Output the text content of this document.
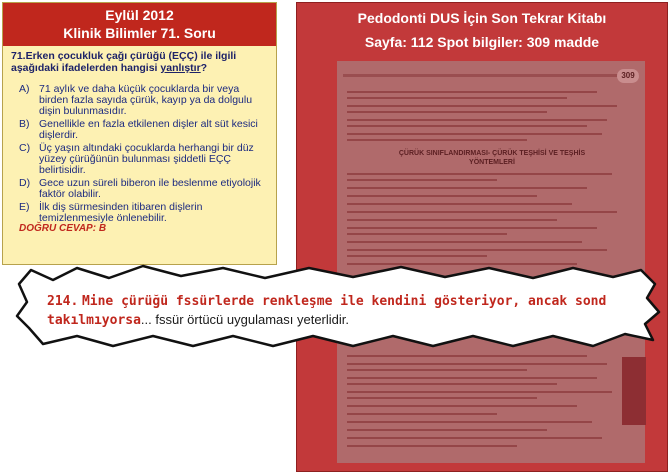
Eylül 2012
Klinik Bilimler 71. Soru
71.Erken çocukluk çağı çürüğü (EÇÇ) ile ilgili aşağıdaki ifadelerden hangisi yanlıştır?
A) 71 aylık ve daha küçük çocuklarda bir veya birden fazla sayıda çürük, kayıp ya da dolgulu dişin bulunmasıdır.
B) Genellikle en fazla etkilenen dişler alt süt kesici dişlerdir.
C) Üç yaşın altındaki çocuklarda herhangi bir düz yüzey çürüğünün bulunması şiddetli EÇÇ belirtisidir.
D) Gece uzun süreli biberon ile beslenme etiyolojik faktör olabilir.
E) İlk diş sürmesinden itibaren dişlerin temizlenmesiyle önlenebilir.
DOĞRU CEVAP: B
Pedodonti DUS İçin Son Tekrar Kitabı
Sayfa: 112 Spot bilgiler: 309 madde
309
ÇÜRÜK SINIFLANDIRMASI- ÇÜRÜK TEŞHİSİ VE TEŞHİS
YÖNTEMLERİ
214. Mine çürüğü fssürlerde renkleşme ile kendini gösteriyor, ancak sond takılmıyorsa... fssür örtücü uygulaması yeterlidir.
